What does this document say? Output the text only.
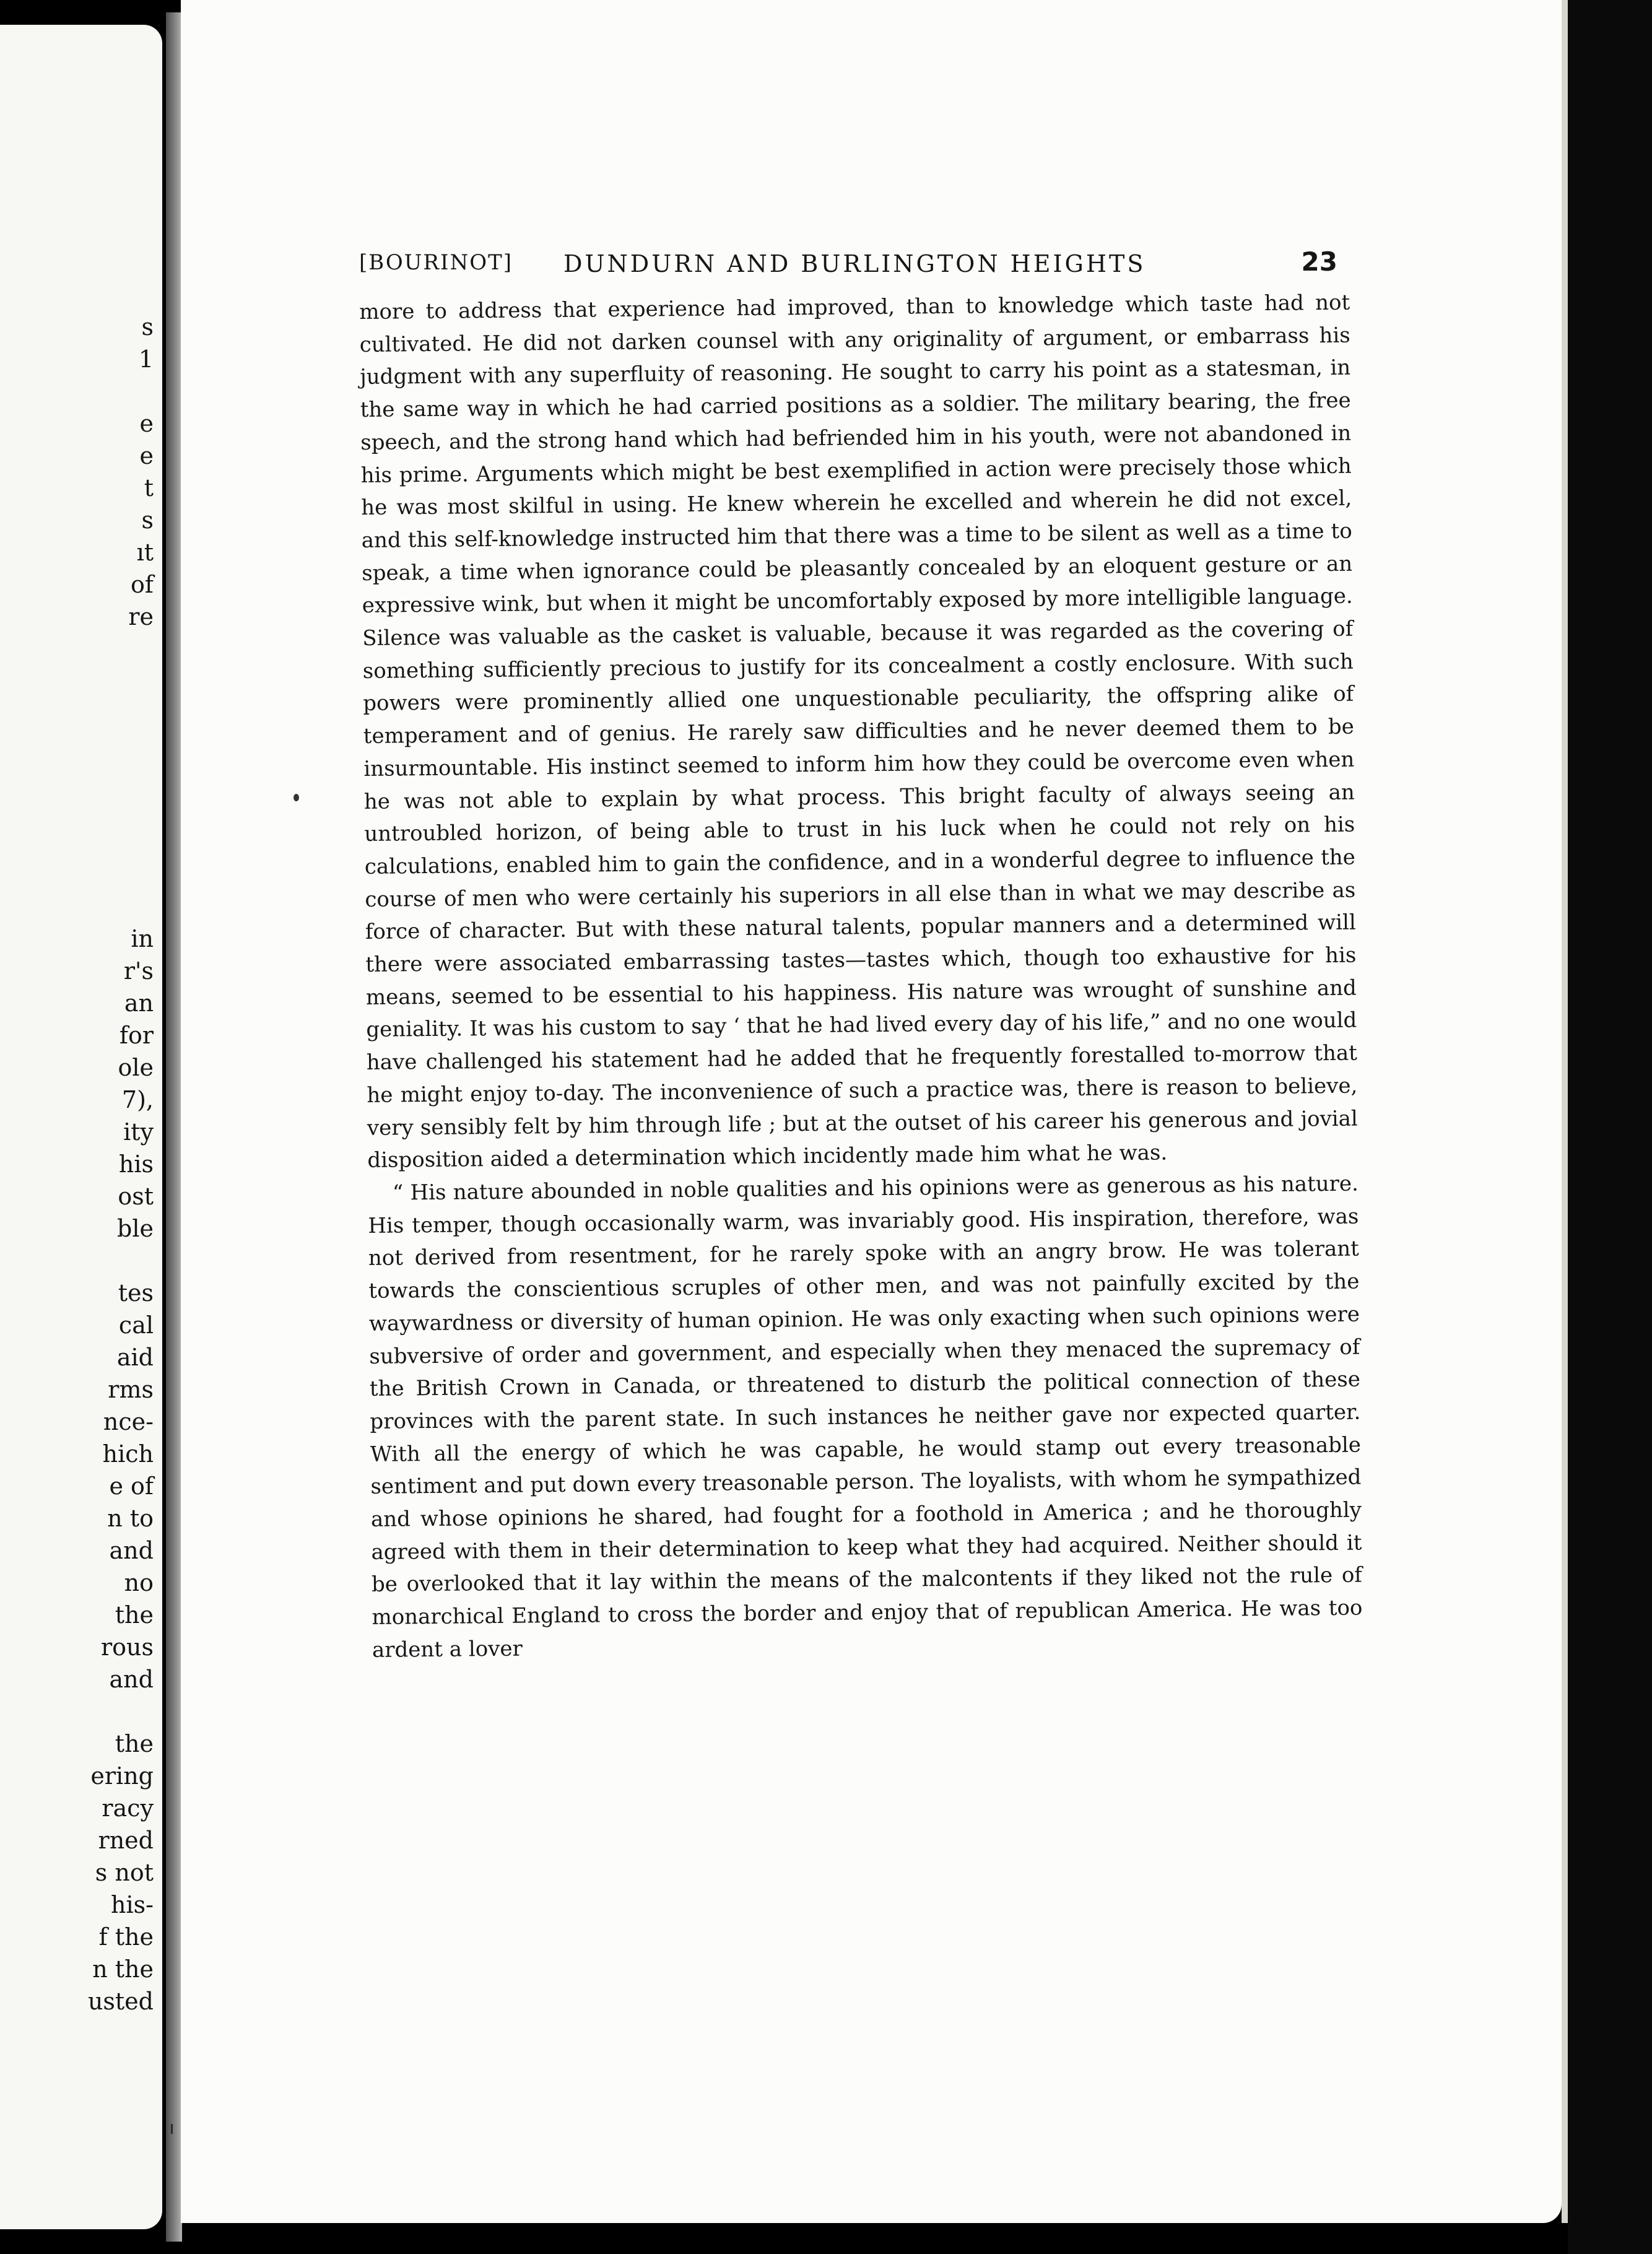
s
1
e
e
t
s
ıt
of
re
in
r's
an
for
ole
7),
ity
his
ost
ble
tes
cal
aid
rms
nce-
hich
e of
n to
and
no
the
rous
and
the
ering
racy
rned
s not
his-
f the
n the
usted
[BOURINOT] DUNDURN AND BURLINGTON HEIGHTS	23

more to address that experience had improved, than to knowledge which taste had not cultivated. He did not darken counsel with any originality of argument, or embarrass his judgment with any superfluity of reasoning. He sought to carry his point as a statesman, in the same way in which he had carried positions as a soldier. The military bearing, the free speech, and the strong hand which had befriended him in his youth, were not abandoned in his prime. Arguments which might be best exemplified in action were precisely those which he was most skilful in using. He knew wherein he excelled and wherein he did not excel, and this self-knowledge instructed him that there was a time to be silent as well as a time to speak, a time when ignorance could be pleasantly concealed by an eloquent gesture or an expressive wink, but when it might be uncomfortably exposed by more intelligible language. Silence was valuable as the casket is valuable, because it was regarded as the covering of something sufficiently precious to justify for its concealment a costly enclosure. With such powers were prominently allied one unquestionable peculiarity, the offspring alike of temperament and of genius. He rarely saw difficulties and he never deemed them to be insurmountable. His instinct seemed to inform him how they could be overcome even when he was not able to explain by what process. This bright faculty of always seeing an untroubled horizon, of being able to trust in his luck when he could not rely on his calculations, enabled him to gain the confidence, and in a wonderful degree to influence the course of men who were certainly his superiors in all else than in what we may describe as force of character. But with these natural talents, popular manners and a determined will there were associated embarrassing tastes—tastes which, though too exhaustive for his means, seemed to be essential to his happiness. His nature was wrought of sunshine and geniality. It was his custom to say ‘ that he had lived every day of his life,” and no one would have challenged his statement had he added that he frequently forestalled to-morrow that he might enjoy to-day. The inconvenience of such a practice was, there is reason to believe, very sensibly felt by him through life ; but at the outset of his career his generous and jovial disposition aided a determination which incidently made him what he was.

“ His nature abounded in noble qualities and his opinions were as generous as his nature. His temper, though occasionally warm, was invariably good. His inspiration, therefore, was not derived from resentment, for he rarely spoke with an angry brow. He was tolerant towards the conscientious scruples of other men, and was not painfully excited by the waywardness or diversity of human opinion. He was only exacting when such opinions were subversive of order and government, and especially when they menaced the supremacy of the British Crown in Canada, or threatened to disturb the political connection of these provinces with the parent state. In such instances he neither gave nor expected quarter. With all the energy of which he was capable, he would stamp out every treasonable sentiment and put down every treasonable person. The loyalists, with whom he sympathized and whose opinions he shared, had fought for a foothold in America ; and he thoroughly agreed with them in their determination to keep what they had acquired. Neither should it be overlooked that it lay within the means of the malcontents if they liked not the rule of monarchical England to cross the border and enjoy that of republican America. He was too ardent a lover
